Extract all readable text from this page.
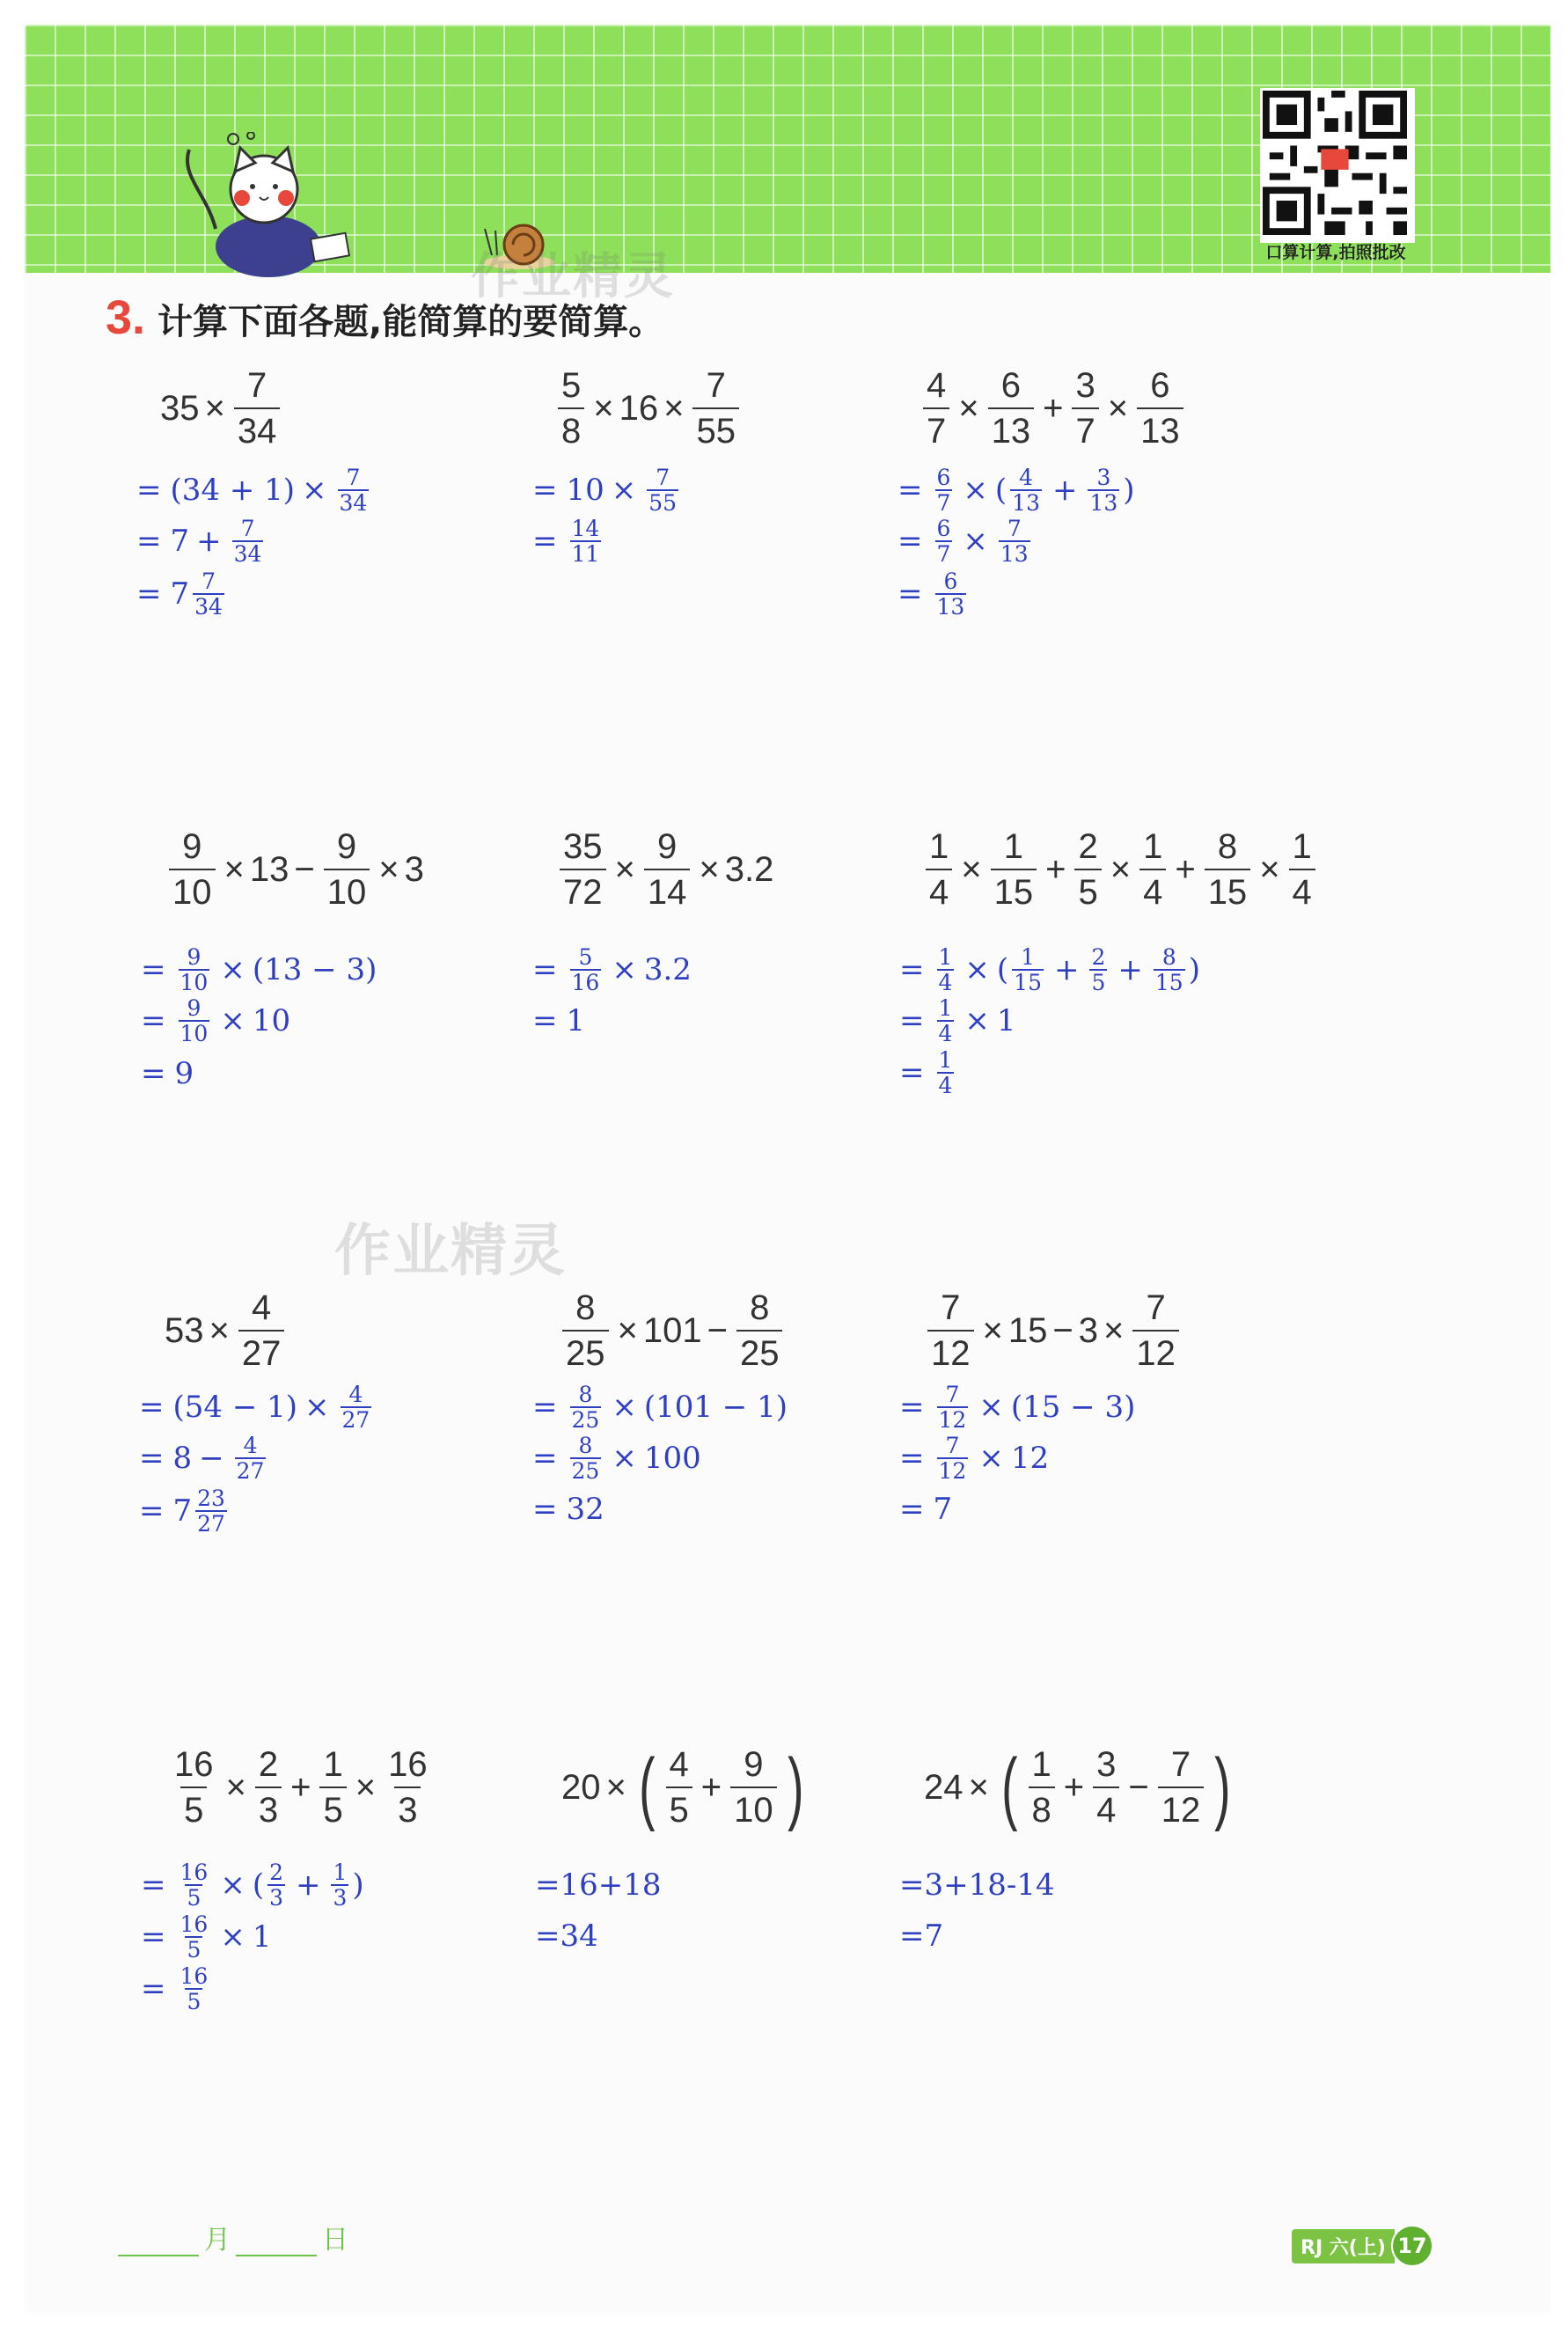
口算计算,拍照批改
作业精灵
作业精灵
3. 计算下面各题,能简算的要简算。
$35 \times \frac{7}{34}$
= $(34 + 1) \times \frac{7}{34}$
= $7 + \frac{7}{34}$
= $7 \frac{7}{34}$
$\frac{5}{8} \times 16 \times \frac{7}{55}$
= $10 \times \frac{7}{55}$
= $\frac{14}{11}$
$\frac{4}{7} \times \frac{6}{13} + \frac{3}{7} \times \frac{6}{13}$
= $\frac{6}{7}$ × ( $\frac{4}{13} + \frac{3}{13}$ )
= $\frac{6}{7} \times \frac{7}{13}$
= $\frac{6}{13}$
$\frac{9}{10} \times 13 - \frac{9}{10} \times 3$
= $\frac{9}{10} \times (13 - 3)$
= $\frac{9}{10} \times 10$
= 9
$\frac{35}{72} \times \frac{9}{14} \times 3.2$
= $\frac{5}{16} \times 3.2$
= 1
$\frac{1}{4} \times \frac{1}{15} + \frac{2}{5} \times \frac{1}{4} + \frac{8}{15} \times \frac{1}{4}$
= $\frac{1}{4}$ × ( $\frac{1}{15} + \frac{2}{5} + \frac{8}{15}$ )
= $\frac{1}{4} \times 1$
= $\frac{1}{4}$
$53 \times \frac{4}{27}$
= $(54 - 1) \times \frac{4}{27}$
= $8 - \frac{4}{27}$
= $7 \frac{23}{27}$
$\frac{8}{25} \times 101 - \frac{8}{25}$
= $\frac{8}{25} \times (101 - 1)$
= $\frac{8}{25} \times 100$
= 32
$\frac{7}{12} \times 15 - 3 \times \frac{7}{12}$
= $\frac{7}{12} \times (15 - 3)$
= $\frac{7}{12} \times 12$
= 7
$\frac{16}{5} \times \frac{2}{3} + \frac{1}{5} \times \frac{16}{3}$
= $\frac{16}{5}$ × ( $\frac{2}{3} + \frac{1}{3}$ )
= $\frac{16}{5} \times 1$
= $\frac{16}{5}$
20 × ( $\frac{4}{5} + \frac{9}{10}$ )
=16+18
=34
24 × ( $\frac{1}{8} + \frac{3}{4} - \frac{7}{12}$ )
=3+18-14
=7
月	日	RJ 六(上) 17
